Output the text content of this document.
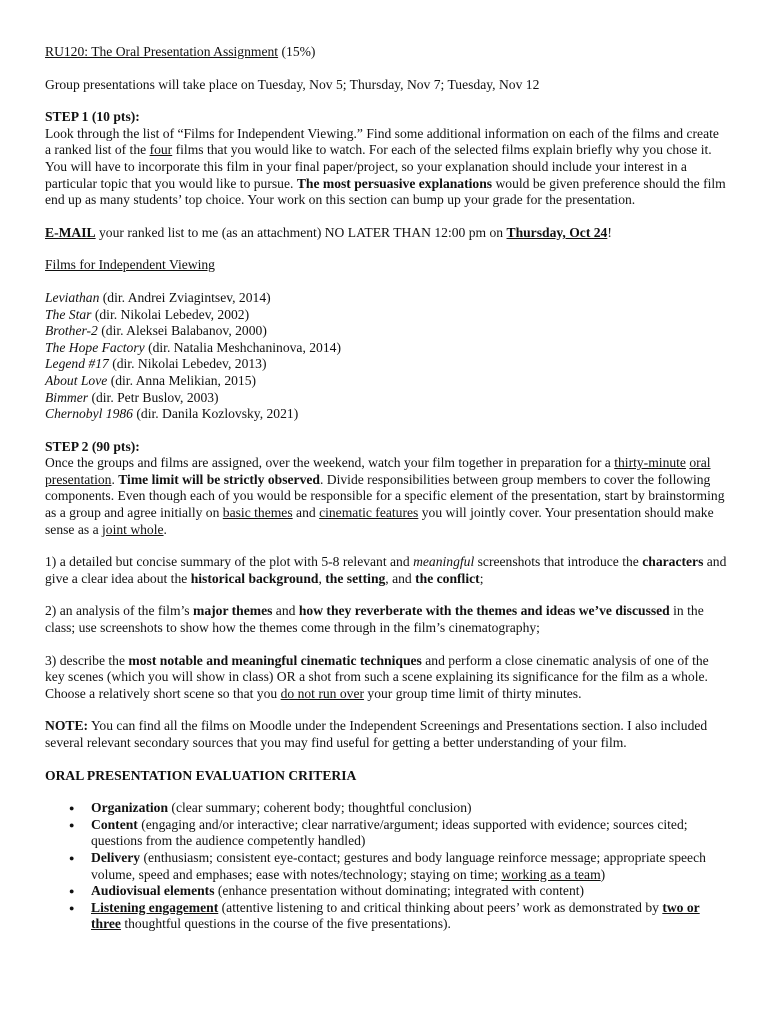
RU120: The Oral Presentation Assignment (15%)

Group presentations will take place on Tuesday, Nov 5; Thursday, Nov 7; Tuesday, Nov 12

STEP 1 (10 pts):

Look through the list of “Films for Independent Viewing.” Find some additional information on each of the films and create a ranked list of the four films that you would like to watch. For each of the selected films explain briefly why you chose it. You will have to incorporate this film in your final paper/project, so your explanation should include your interest in a particular topic that you would like to pursue. The most persuasive explanations would be given preference should the film end up as many students’ top choice. Your work on this section can bump up your grade for the presentation.

E-MAIL your ranked list to me (as an attachment) NO LATER THAN 12:00 pm on Thursday, Oct 24!

Films for Independent Viewing

Leviathan (dir. Andrei Zviagintsev, 2014)

The Star (dir. Nikolai Lebedev, 2002)

Brother-2 (dir. Aleksei Balabanov, 2000)

The Hope Factory (dir. Natalia Meshchaninova, 2014)

Legend #17 (dir. Nikolai Lebedev, 2013)

About Love (dir. Anna Melikian, 2015)

Bimmer (dir. Petr Buslov, 2003)

Chernobyl 1986 (dir. Danila Kozlovsky, 2021)

STEP 2 (90 pts):

Once the groups and films are assigned, over the weekend, watch your film together in preparation for a thirty-minute oral presentation. Time limit will be strictly observed. Divide responsibilities between group members to cover the following components. Even though each of you would be responsible for a specific element of the presentation, start by brainstorming as a group and agree initially on basic themes and cinematic features you will jointly cover. Your presentation should make sense as a joint whole.

1) a detailed but concise summary of the plot with 5-8 relevant and meaningful screenshots that introduce the characters and give a clear idea about the historical background, the setting, and the conflict;

2) an analysis of the film’s major themes and how they reverberate with the themes and ideas we’ve discussed in the class; use screenshots to show how the themes come through in the film’s cinematography;

3) describe the most notable and meaningful cinematic techniques and perform a close cinematic analysis of one of the key scenes (which you will show in class) OR a shot from such a scene explaining its significance for the film as a whole. Choose a relatively short scene so that you do not run over your group time limit of thirty minutes.

NOTE: You can find all the films on Moodle under the Independent Screenings and Presentations section. I also included several relevant secondary sources that you may find useful for getting a better understanding of your film.

ORAL PRESENTATION EVALUATION CRITERIA

● Organization (clear summary; coherent body; thoughtful conclusion)
● Content (engaging and/or interactive; clear narrative/argument; ideas supported with evidence; sources cited; questions from the audience competently handled)
● Delivery (enthusiasm; consistent eye-contact; gestures and body language reinforce message; appropriate speech volume, speed and emphases; ease with notes/technology; staying on time; working as a team)
● Audiovisual elements (enhance presentation without dominating; integrated with content)
● Listening engagement (attentive listening to and critical thinking about peers’ work as demonstrated by two or three thoughtful questions in the course of the five presentations).
